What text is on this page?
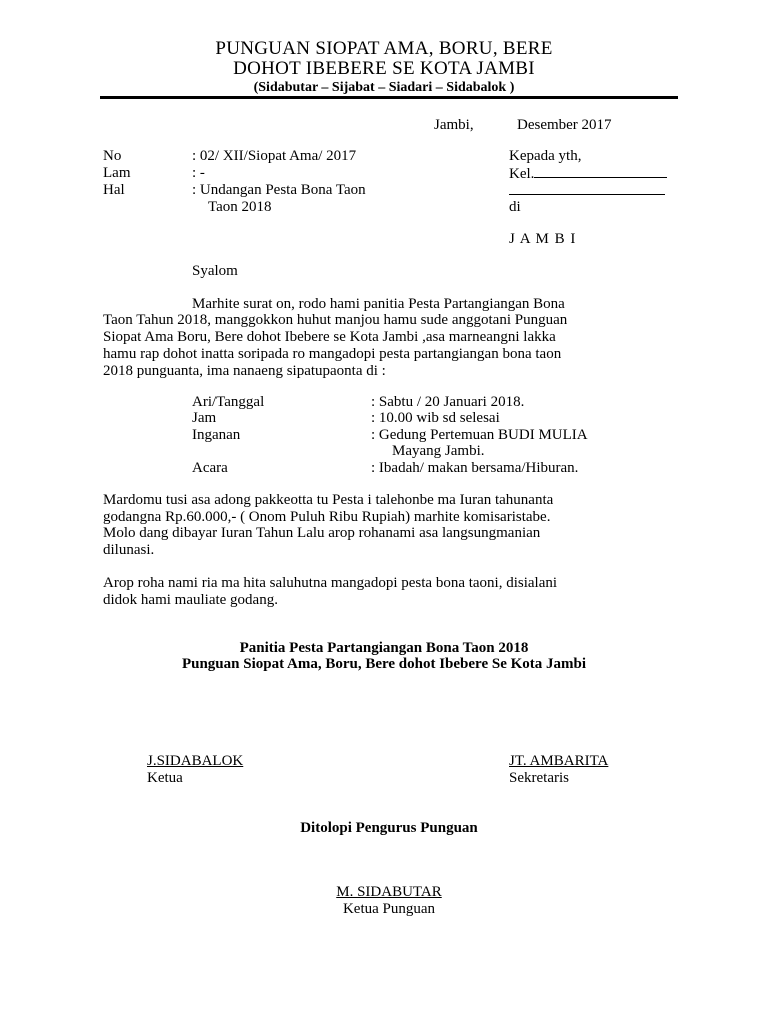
PUNGUAN SIOPAT AMA, BORU, BERE
DOHOT IBEBERE SE KOTA JAMBI
(Sidabutar – Sijabat – Siadari – Sidabalok )
Jambi,	Desember 2017
No	: 02/ XII/Siopat Ama/ 2017
Lam	: -
Hal	: Undangan Pesta Bona Taon
Taon 2018
Kepada yth,
Kel.
di
J A M B I
Syalom
Marhite surat on, rodo hami panitia Pesta Partangiangan Bona
Taon Tahun 2018, manggokkon huhut manjou hamu sude anggotani Punguan
Siopat Ama Boru, Bere dohot Ibebere se Kota Jambi ,asa marneangni lakka
hamu rap dohot inatta soripada ro mangadopi pesta partangiangan bona taon
2018 punguanta, ima nanaeng sipatupaonta di :
Ari/Tanggal	: Sabtu / 20 Januari 2018.
Jam	: 10.00 wib sd selesai
Inganan	: Gedung Pertemuan BUDI MULIA
Mayang Jambi.
Acara	: Ibadah/ makan bersama/Hiburan.
Mardomu tusi asa adong pakkeotta tu Pesta i talehonbe ma Iuran tahunanta
godangna Rp.60.000,- ( Onom Puluh Ribu Rupiah) marhite komisaristabe.
Molo dang dibayar Iuran Tahun Lalu arop rohanami asa langsungmanian
dilunasi.
Arop roha nami ria ma hita saluhutna mangadopi pesta bona taoni, disialani
didok hami mauliate godang.
Panitia Pesta Partangiangan Bona Taon 2018
Punguan Siopat Ama, Boru, Bere dohot Ibebere Se Kota Jambi
J.SIDABALOK
Ketua
JT. AMBARITA
Sekretaris
Ditolopi Pengurus Punguan
M. SIDABUTAR
Ketua Punguan
